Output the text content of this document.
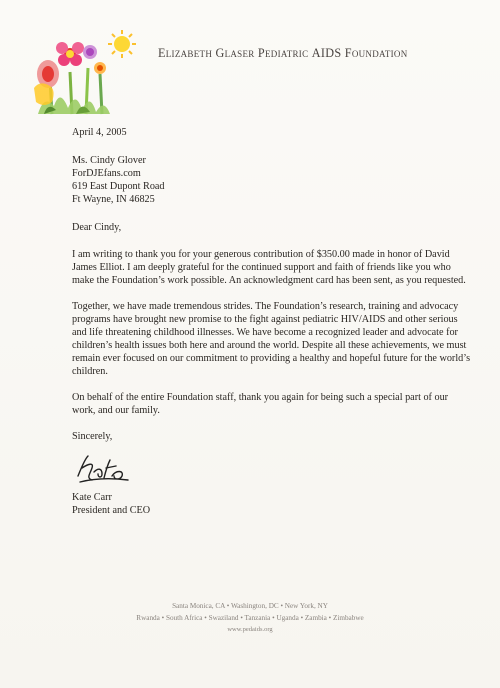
Elizabeth Glaser Pediatric AIDS Foundation

April 4, 2005

Ms. Cindy Glover
ForDJEfans.com
619 East Dupont Road
Ft Wayne, IN 46825

Dear Cindy,

I am writing to thank you for your generous contribution of $350.00 made in honor of David James Elliot. I am deeply grateful for the continued support and faith of friends like you who make the Foundation’s work possible. An acknowledgment card has been sent, as you requested.

Together, we have made tremendous strides. The Foundation’s research, training and advocacy programs have brought new promise to the fight against pediatric HIV/AIDS and other serious and life threatening childhood illnesses. We have become a recognized leader and advocate for children’s health issues both here and around the world. Despite all these achievements, we must remain ever focused on our commitment to providing a healthy and hopeful future for the world’s children.

On behalf of the entire Foundation staff, thank you again for being such a special part of our work, and our family.

Sincerely,

Kate Carr
President and CEO
Santa Monica, CA • Washington, DC • New York, NY
Rwanda • South Africa • Swaziland • Tanzania • Uganda • Zambia • Zimbabwe
www.pedaids.org
